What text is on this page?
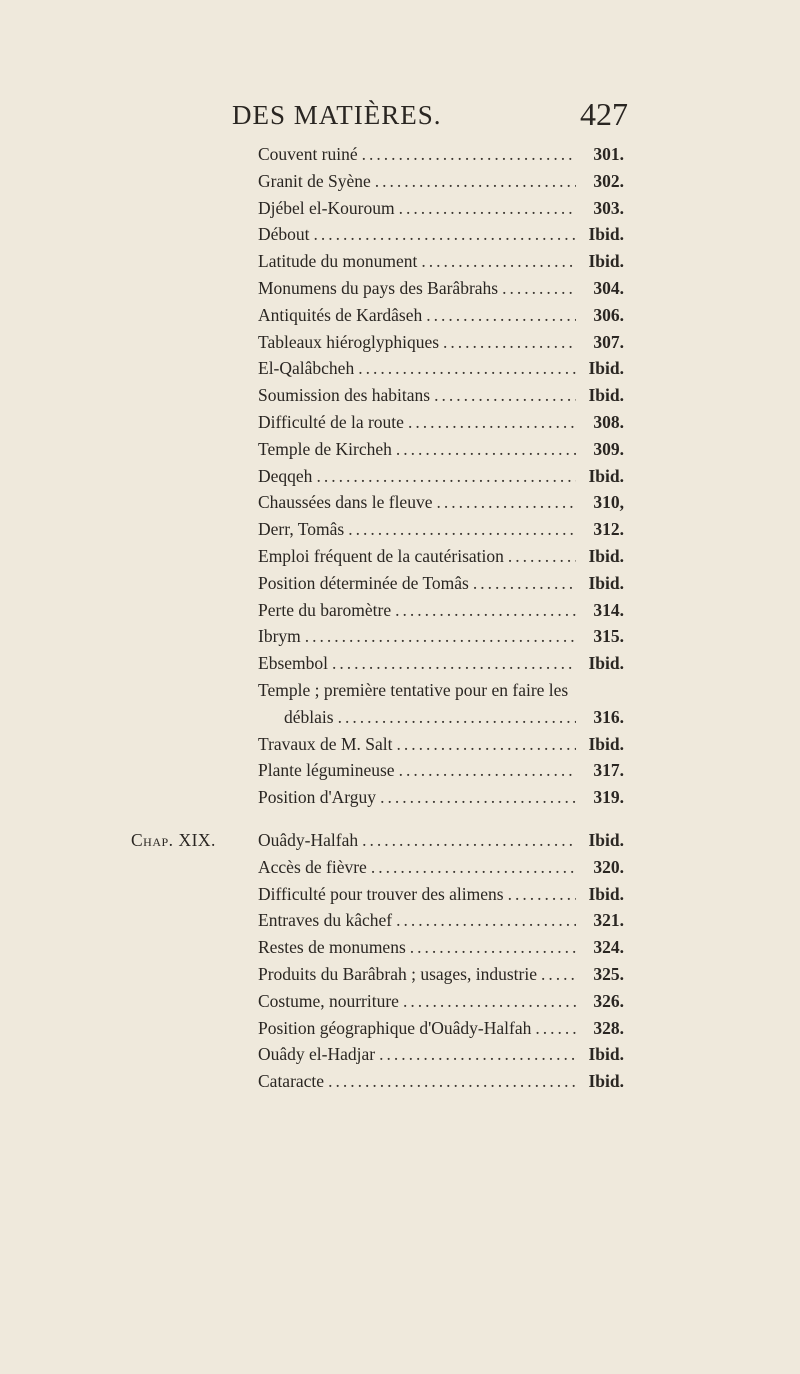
DES MATIÈRES.	427
Couvent ruiné .....	301.
Granit de Syène .....	302.
Djébel el-Kouroum .....	303.
Débout .....	Ibid.
Latitude du monument .....	Ibid.
Monumens du pays des Barâbrahs .....	304.
Antiquités de Kardâseh .....	306.
Tableaux hiéroglyphiques .....	307.
El-Qalâbcheh .....	Ibid.
Soumission des habitans .....	Ibid.
Difficulté de la route .....	308.
Temple de Kircheh .....	309.
Deqqeh .....	Ibid.
Chaussées dans le fleuve .....	310,
Derr, Tomâs .....	312.
Emploi fréquent de la cautérisation .....	Ibid.
Position déterminée de Tomâs .....	Ibid.
Perte du baromètre .....	314.
Ibrym .....	315.
Ebsembol .....	Ibid.
Temple ; première tentative pour en faire les
déblais .....	316.
Travaux de M. Salt .....	Ibid.
Plante légumineuse .....	317.
Position d'Arguy .....	319.
Chap. XIX. Ouâdy-Halfah .....	Ibid.
Accès de fièvre .....	320.
Difficulté pour trouver des alimens .....	Ibid.
Entraves du kâchef .....	321.
Restes de monumens .....	324.
Produits du Barâbrah ; usages, industrie .....	325.
Costume, nourriture .....	326.
Position géographique d'Ouâdy-Halfah .....	328.
Ouâdy el-Hadjar .....	Ibid.
Cataracte .....	Ibid.
